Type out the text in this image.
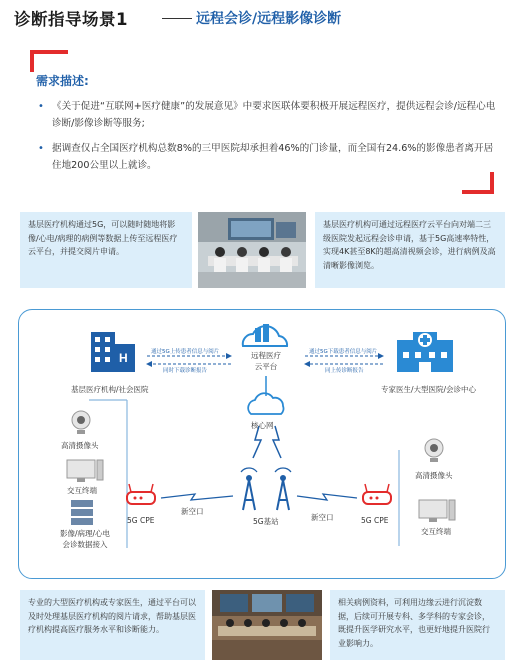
诊断指导场景1	远程会诊/远程影像诊断
需求描述:
• 《关于促进“互联网+医疗健康”的发展意见》中要求医联体要积极开展远程医疗，提供远程会诊/远程心电诊断/影像诊断等服务;
• 据调查仅占全国医疗机构总数8%的三甲医院却承担着46%的门诊量，而全国有24.6%的影像患者离开居住地200公里以上就诊。
基层医疗机构通过5G，可以随时随地将影像/心电/病理的病例等数据上传至远程医疗云平台，并提交阅片申请。
基层医疗机构可通过远程医疗云平台向对端二三级医院发起远程会诊申请，基于5G高速率特性，实现4K甚至8K的超高清视频会诊，进行病例及高清晰影像浏览。
H	远程医疗
云平台
核心网
基层医疗机构/社会医院	专家医生/大型医院/会诊中心
通过5G上传患者信息与阅片
同时下载诊断报告
通过5G下载患者信息与阅片
同上传诊断报告
高清摄像头
交互终端
影像/病理/心电
会诊数据接入
高清摄像头
交互终端
5G CPE	5G CPE
5G基站
新空口
新空口
专业的大型医疗机构或专家医生，通过平台可以及时处理基层医疗机构的阅片请求，帮助基层医疗机构提高医疗服务水平和诊断能力。
相关病例资料，可利用边缘云进行沉淀数据，后续可开展专科、多学科的专家会诊，既提升医学研究水平，也更好地提升医院行业影响力。
